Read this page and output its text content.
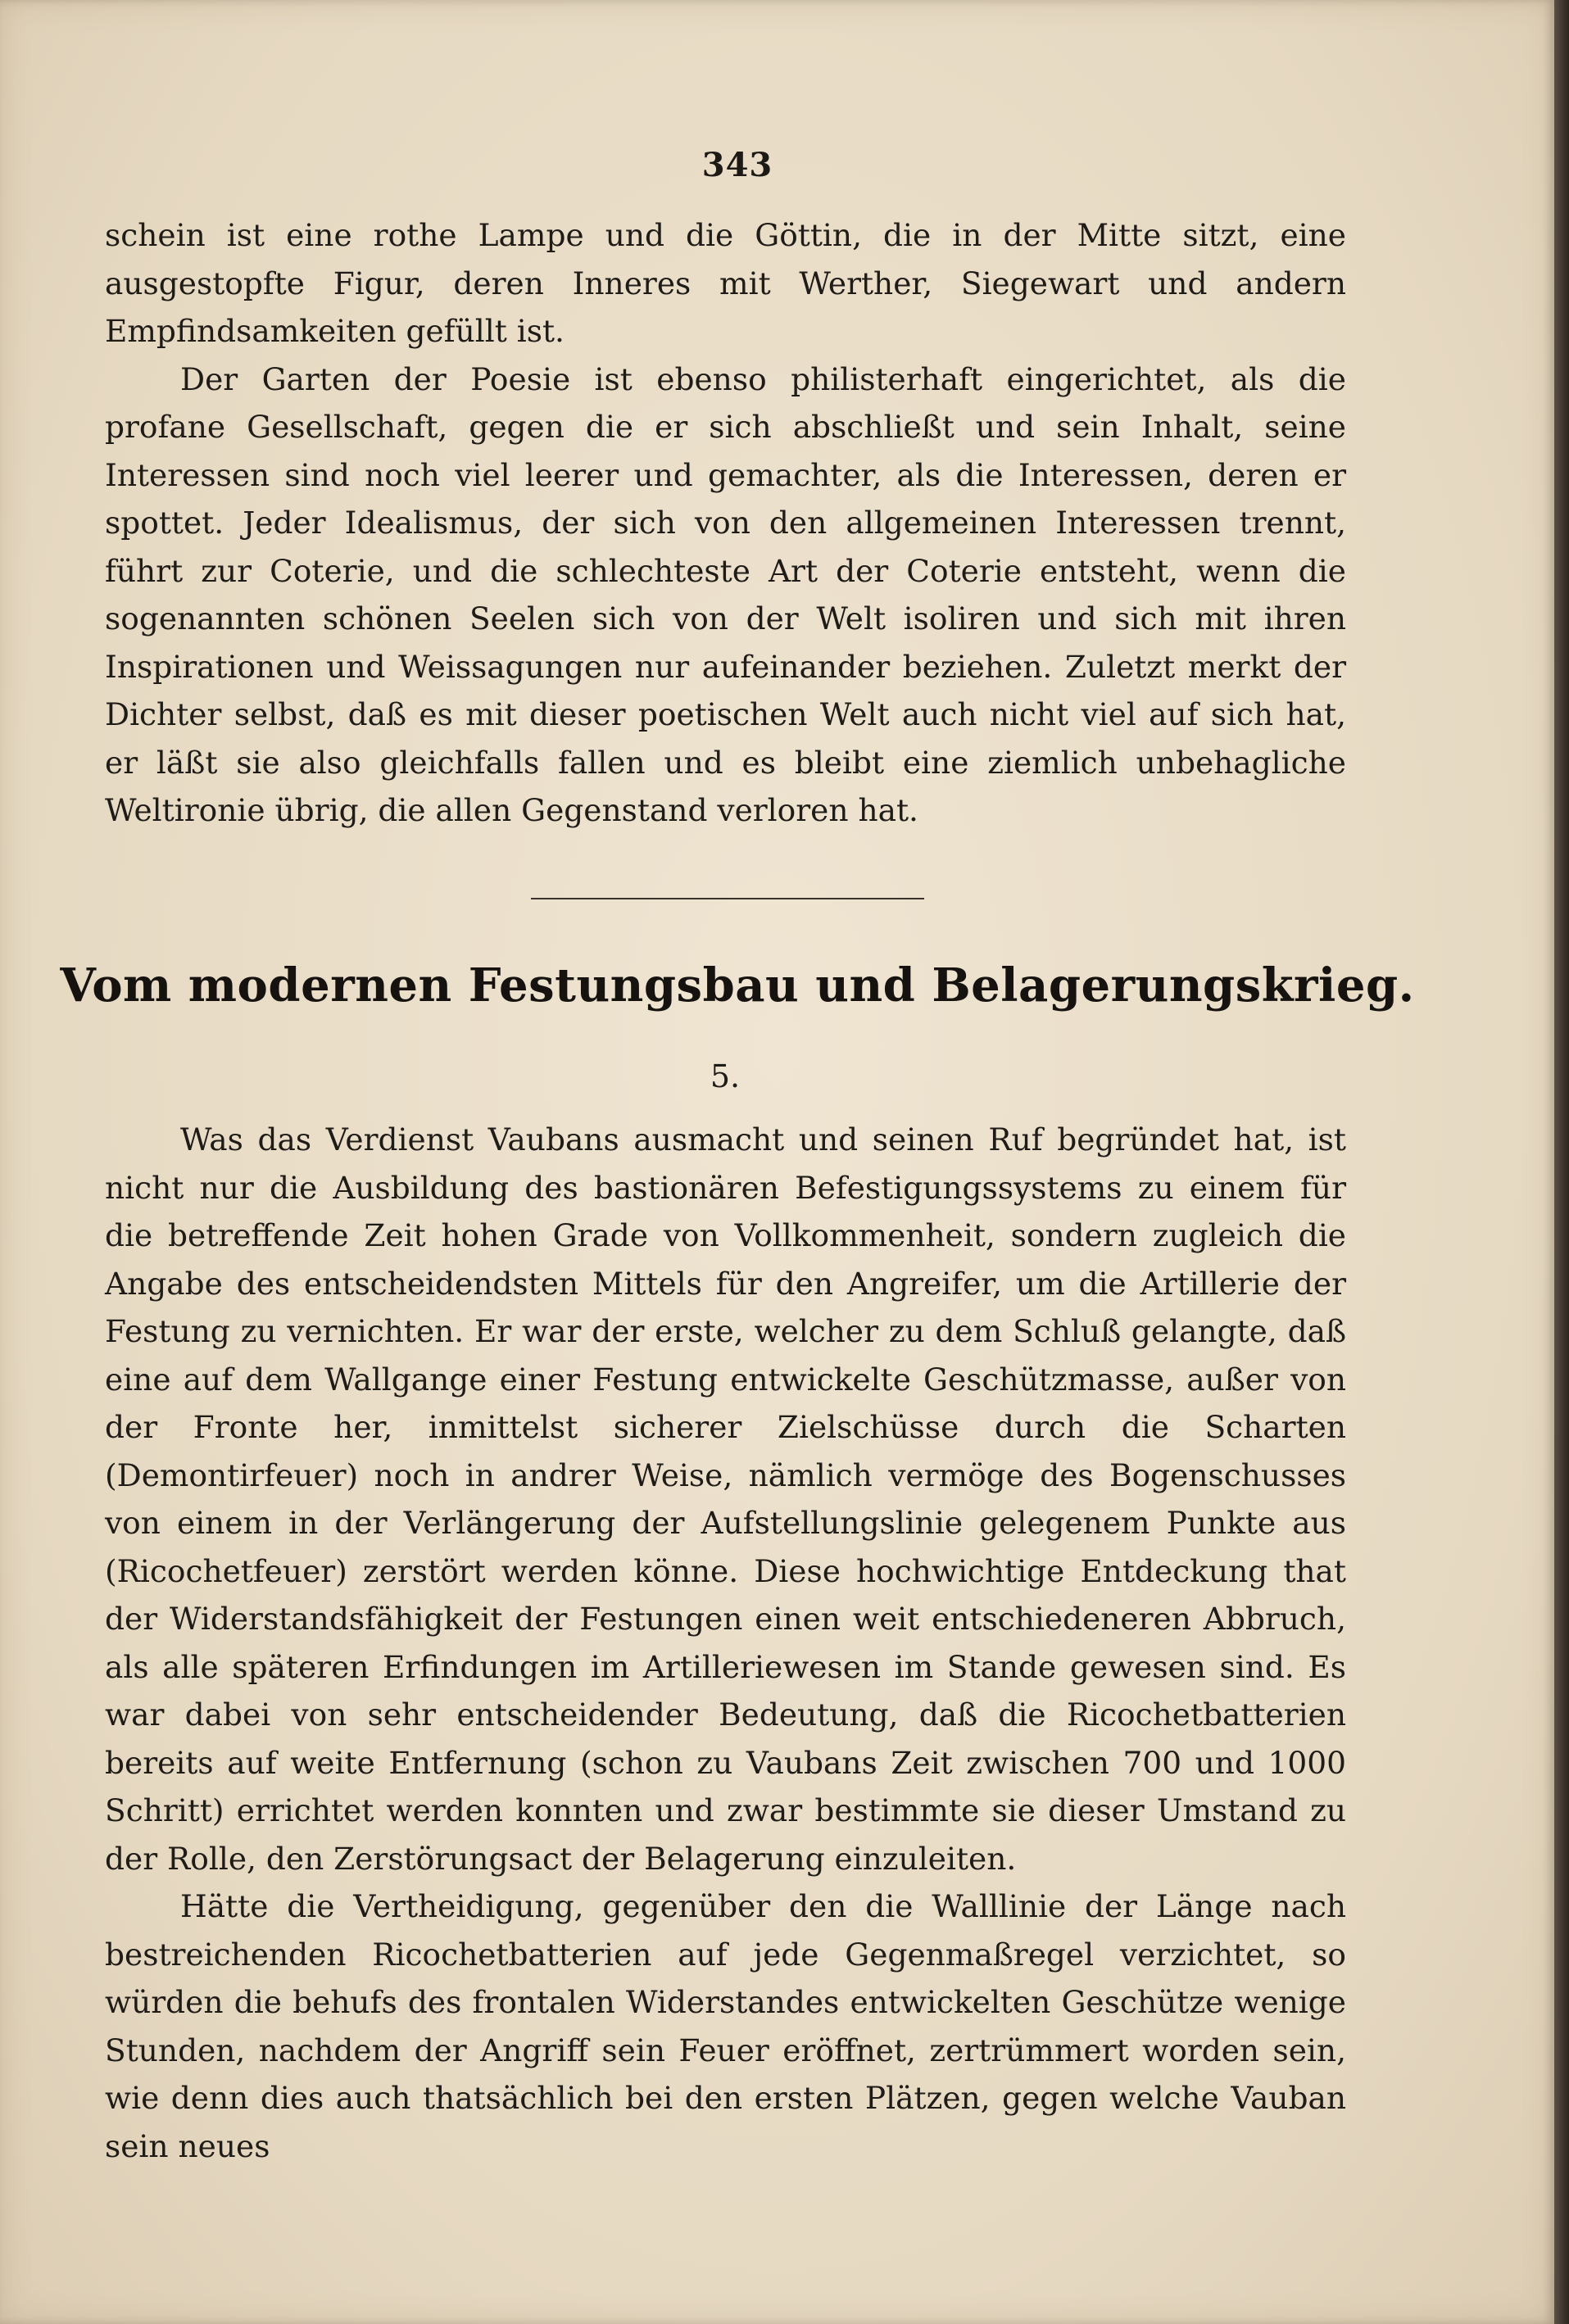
343

schein ist eine rothe Lampe und die Göttin, die in der Mitte sitzt, eine ausgestopfte Figur, deren Inneres mit Werther, Siegewart und andern Empfindsamkeiten gefüllt ist.

Der Garten der Poesie ist ebenso philisterhaft eingerichtet, als die profane Gesellschaft, gegen die er sich abschließt und sein Inhalt, seine Interessen sind noch viel leerer und gemachter, als die Interessen, deren er spottet. Jeder Idealismus, der sich von den allgemeinen Interessen trennt, führt zur Coterie, und die schlechteste Art der Coterie entsteht, wenn die sogenannten schönen Seelen sich von der Welt isoliren und sich mit ihren Inspirationen und Weissagungen nur aufeinander beziehen. Zuletzt merkt der Dichter selbst, daß es mit dieser poetischen Welt auch nicht viel auf sich hat, er läßt sie also gleichfalls fallen und es bleibt eine ziemlich unbehagliche Weltironie übrig, die allen Gegenstand verloren hat.

Vom modernen Festungsbau und Belagerungskrieg.
5.

Was das Verdienst Vaubans ausmacht und seinen Ruf begründet hat, ist nicht nur die Ausbildung des bastionären Befestigungssystems zu einem für die betreffende Zeit hohen Grade von Vollkommenheit, sondern zugleich die Angabe des entscheidendsten Mittels für den Angreifer, um die Artillerie der Festung zu vernichten. Er war der erste, welcher zu dem Schluß gelangte, daß eine auf dem Wallgange einer Festung entwickelte Geschützmasse, außer von der Fronte her, inmittelst sicherer Zielschüsse durch die Scharten (Demontirfeuer) noch in andrer Weise, nämlich vermöge des Bogenschusses von einem in der Verlängerung der Aufstellungslinie gelegenem Punkte aus (Ricochetfeuer) zerstört werden könne. Diese hochwichtige Entdeckung that der Widerstandsfähigkeit der Festungen einen weit entschiedeneren Abbruch, als alle späteren Erfindungen im Artilleriewesen im Stande gewesen sind. Es war dabei von sehr entscheidender Bedeutung, daß die Ricochetbatterien bereits auf weite Entfernung (schon zu Vaubans Zeit zwischen 700 und 1000 Schritt) errichtet werden konnten und zwar bestimmte sie dieser Umstand zu der Rolle, den Zerstörungsact der Belagerung einzuleiten.

Hätte die Vertheidigung, gegenüber den die Walllinie der Länge nach bestreichenden Ricochetbatterien auf jede Gegenmaßregel verzichtet, so würden die behufs des frontalen Widerstandes entwickelten Geschütze wenige Stunden, nachdem der Angriff sein Feuer eröffnet, zertrümmert worden sein, wie denn dies auch thatsächlich bei den ersten Plätzen, gegen welche Vauban sein neues
